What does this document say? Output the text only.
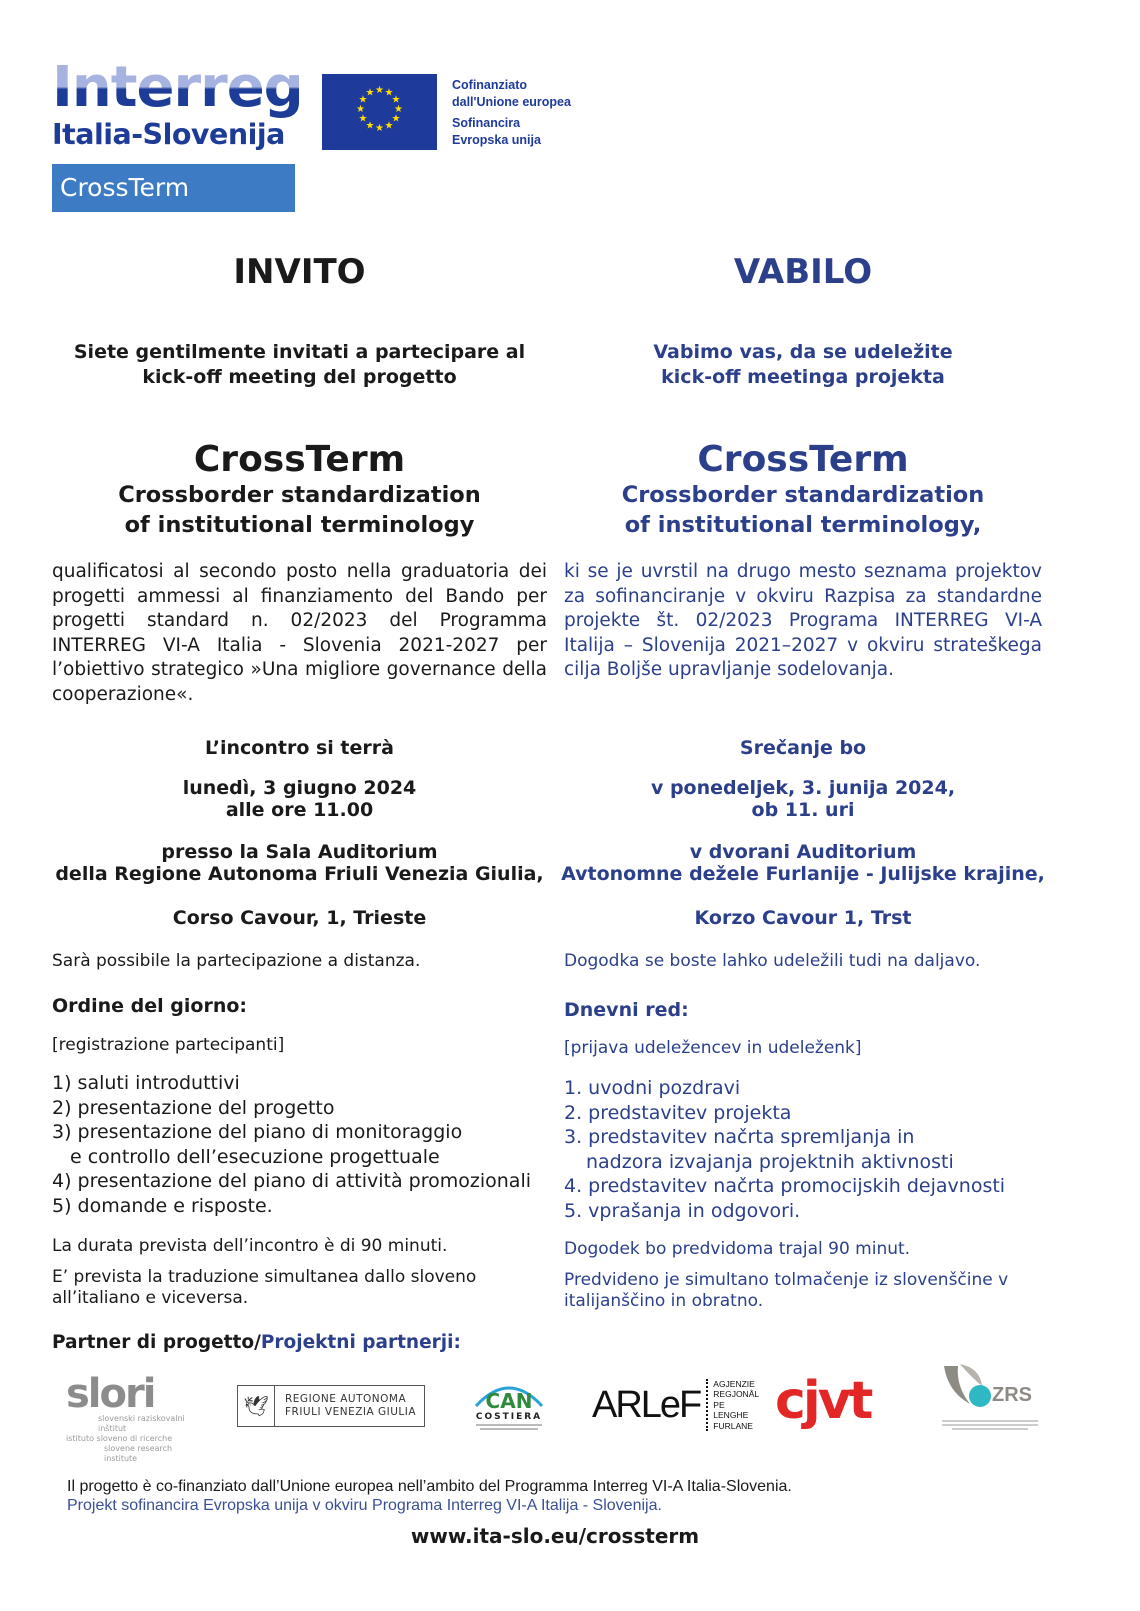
Interreg
Italia-Slovenija
CrossTerm
★ ★
★
★
★
★
★
★
★
★
★
★
Cofinanziato
dall'Unione europea
Sofinancira
Evropska unija
INVITO
Siete gentilmente invitati a partecipare al
kick-off meeting del progetto
CrossTerm
Crossborder standardization
of institutional terminology
qualificatosi al secondo posto nella graduatoria dei progetti ammessi al finanziamento del Bando per progetti standard n. 02/2023 del Programma INTERREG VI-A Italia - Slovenia 2021-2027 per l’obiettivo strategico »Una migliore governance della cooperazione«.
L’incontro si terrà
lunedì, 3 giugno 2024
alle ore 11.00
presso la Sala Auditorium
della Regione Autonoma Friuli Venezia Giulia,
Corso Cavour, 1, Trieste
Sarà possibile la partecipazione a distanza.
Ordine del giorno:
[registrazione partecipanti]
1) saluti introduttivi
2) presentazione del progetto
3) presentazione del piano di monitoraggio
e controllo dell’esecuzione progettuale
4) presentazione del piano di attività promozionali
5) domande e risposte.
La durata prevista dell’incontro è di 90 minuti.
E’ prevista la traduzione simultanea dallo sloveno
all’italiano e viceversa.
VABILO
Vabimo vas, da se udeležite
kick-off meetinga projekta
CrossTerm
Crossborder standardization
of institutional terminology,
ki se je uvrstil na drugo mesto seznama projektov za sofinanciranje v okviru Razpisa za standardne projekte št. 02/2023 Programa INTERREG VI-A Italija – Slovenija 2021–2027 v okviru strateškega cilja Boljše upravljanje sodelovanja.
Srečanje bo
v ponedeljek, 3. junija 2024,
ob 11. uri
v dvorani Auditorium
Avtonomne dežele Furlanije - Julijske krajine,
Korzo Cavour 1, Trst
Dogodka se boste lahko udeležili tudi na daljavo.
Dnevni red:
[prijava udeležencev in udeleženk]
1. uvodni pozdravi
2. predstavitev projekta
3. predstavitev načrta spremljanja in
nadzora izvajanja projektnih aktivnosti
4. predstavitev načrta promocijskih dejavnosti
5. vprašanja in odgovori.
Dogodek bo predvidoma trajal 90 minut.
Predvideno je simultano tolmačenje iz slovenščine v
italijanščino in obratno.
Partner di progetto/Projektni partnerji:
slori
slovenski raziskovalni inštitut
istituto sloveno di ricerche
slovene research institute
🕊	REGIONE AUTONOMA
FRIULI VENEZIA GIULIA	CAN
COSTIERA ARLeF AGJENZIE
REGJONÂL
PE LENGHE
FURLANE cjvt	ZRS
Il progetto è co-finanziato dall’Unione europea nell’ambito del Programma Interreg VI-A Italia-Slovenia.
Projekt sofinancira Evropska unija v okviru Programa Interreg VI-A Italija - Slovenija.
www.ita-slo.eu/crossterm
